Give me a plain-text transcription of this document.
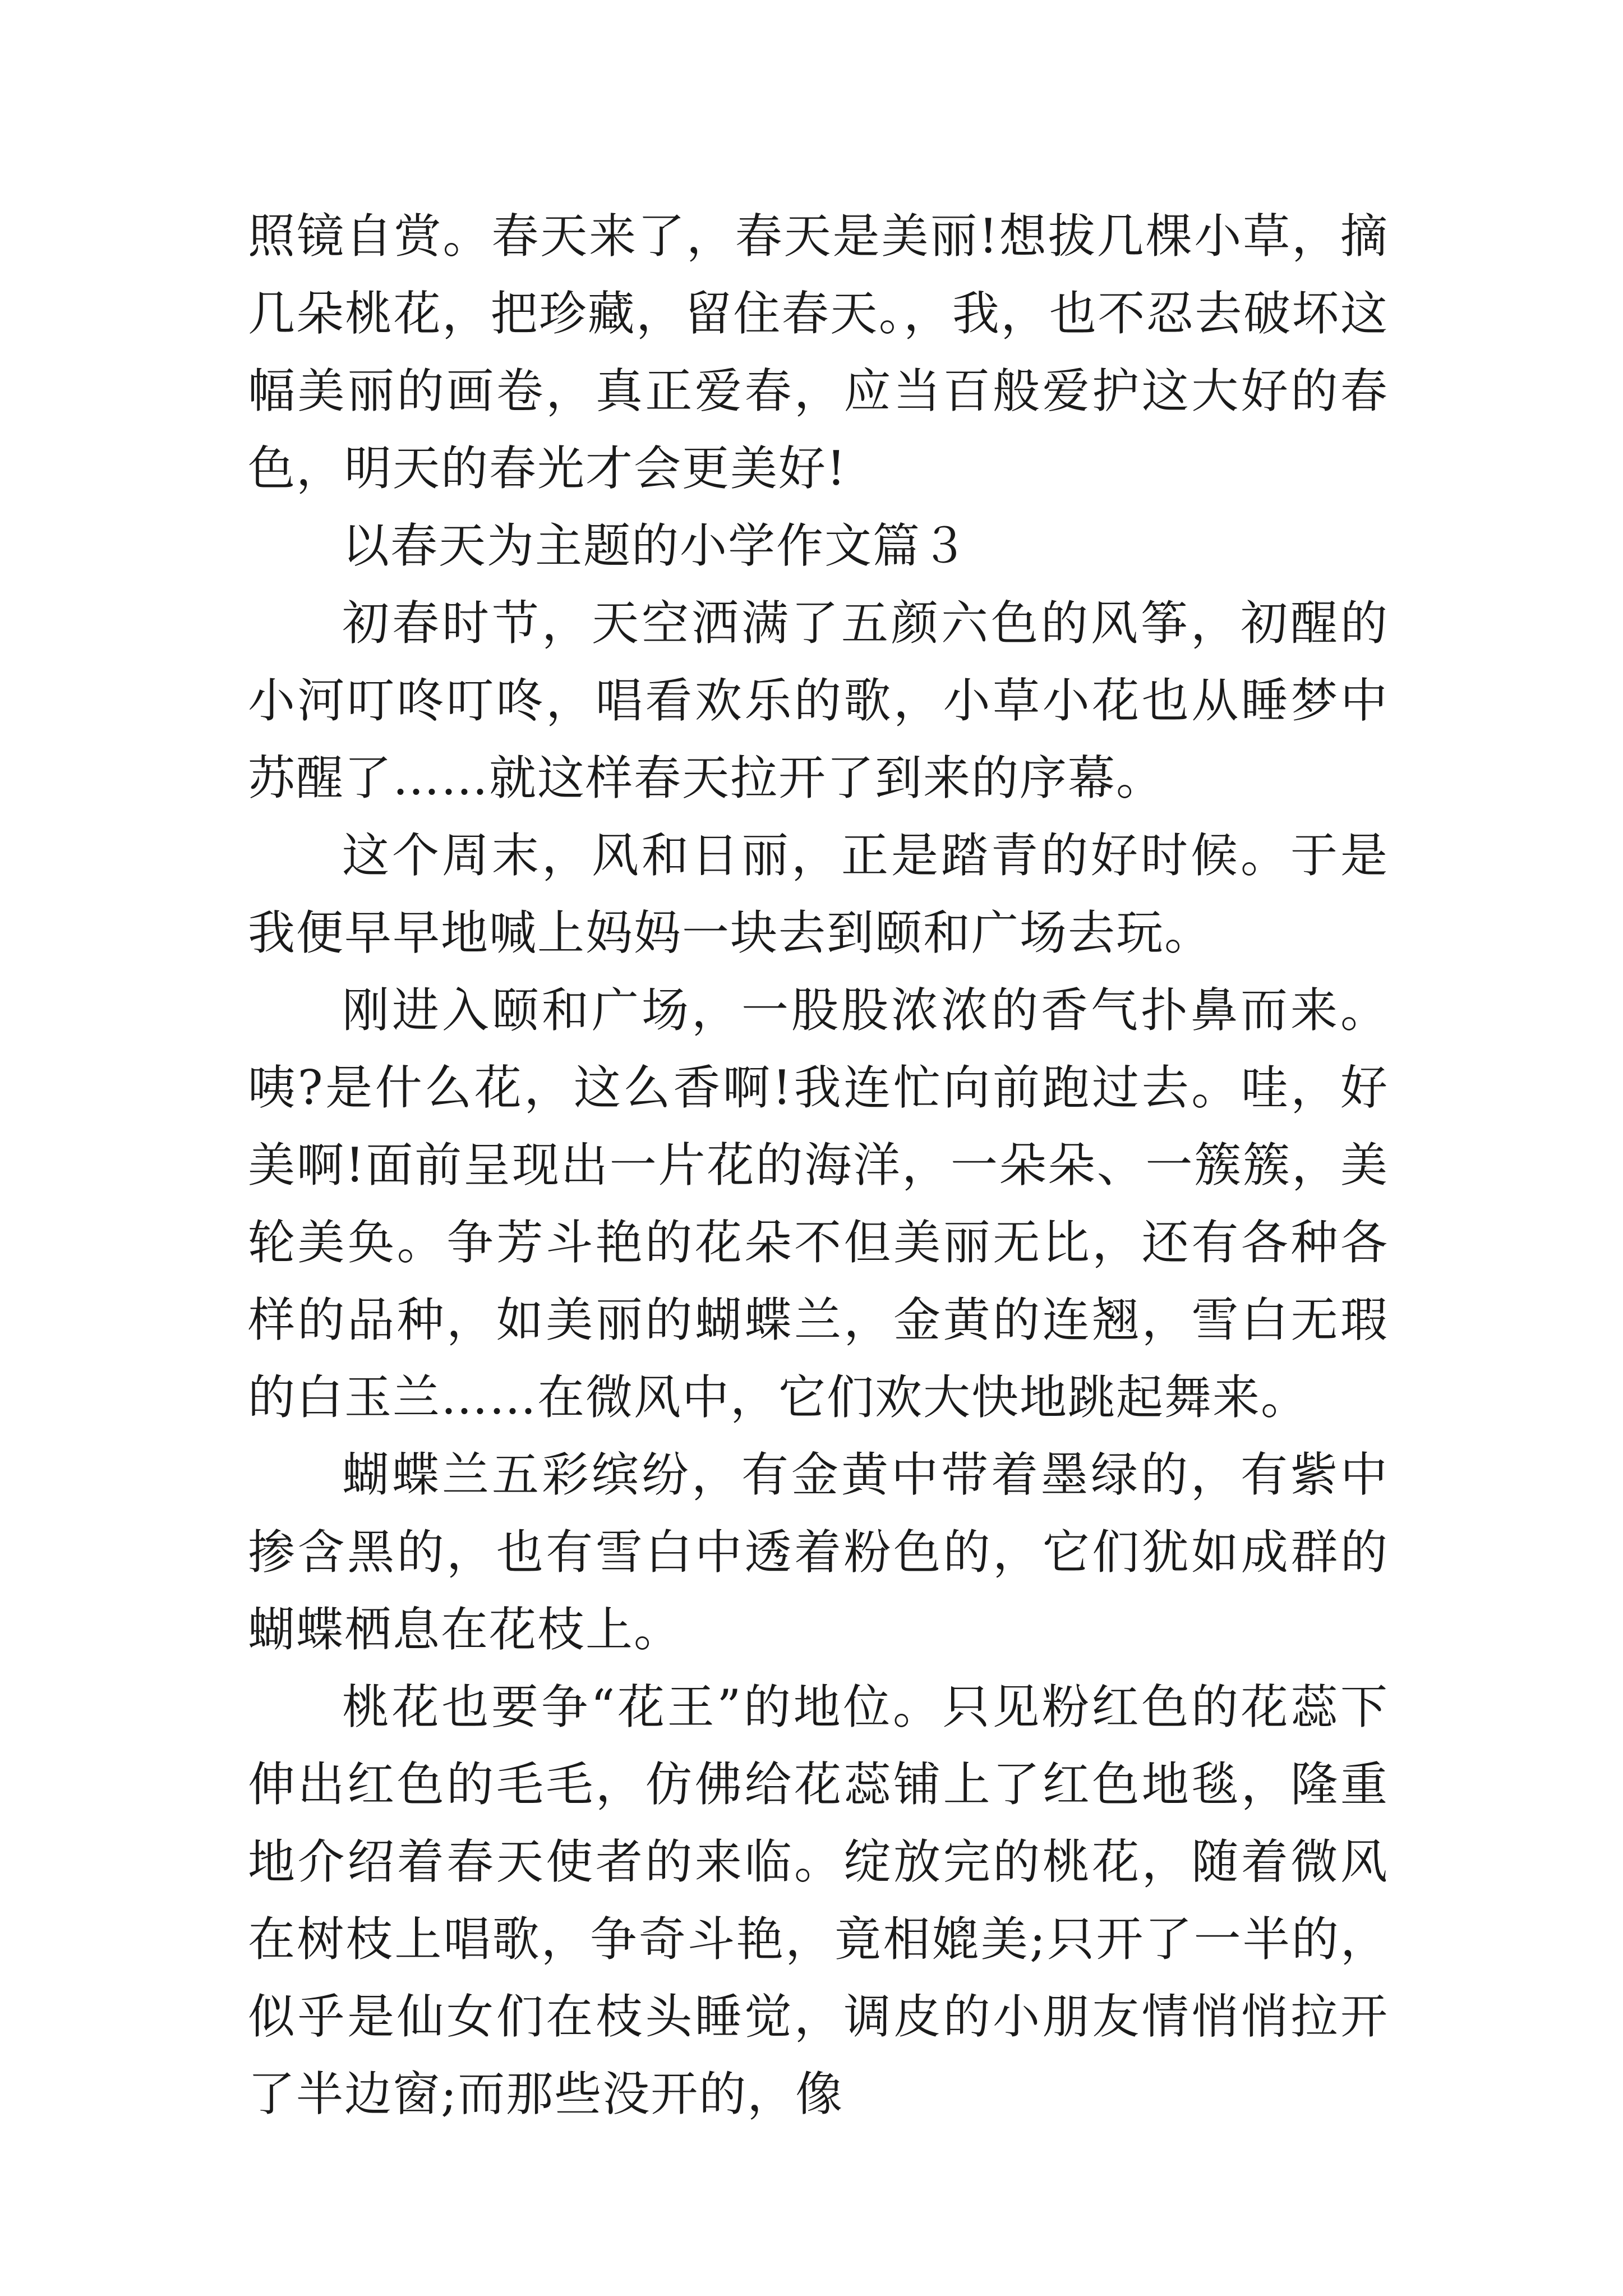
照镜自赏。春天来了，春天是美丽!想拔几棵小草，摘几朵桃花，把珍藏，留住春天。，我，也不忍去破坏这幅美丽的画卷，真正爱春，应当百般爱护这大好的春色，明天的春光才会更美好!

以春天为主题的小学作文篇３

初春时节，天空洒满了五颜六色的风筝，初醒的小河叮咚叮咚，唱看欢乐的歌，小草小花也从睡梦中苏醒了……就这样春天拉开了到来的序幕。

这个周末，风和日丽，正是踏青的好时候。于是我便早早地喊上妈妈一块去到颐和广场去玩。

刚进入颐和广场，一股股浓浓的香气扑鼻而来。咦?是什么花，这么香啊!我连忙向前跑过去。哇，好美啊!面前呈现出一片花的海洋，一朵朵、一簇簇，美轮美奂。争芳斗艳的花朵不但美丽无比，还有各种各样的品种，如美丽的蝴蝶兰，金黄的连翘，雪白无瑕的白玉兰……在微风中，它们欢大快地跳起舞来。

蝴蝶兰五彩缤纷，有金黄中带着墨绿的，有紫中掺含黑的，也有雪白中透着粉色的，它们犹如成群的蝴蝶栖息在花枝上。

桃花也要争“花王”的地位。只见粉红色的花蕊下伸出红色的毛毛，仿佛给花蕊铺上了红色地毯，隆重地介绍着春天使者的来临。绽放完的桃花，随着微风在树枝上唱歌，争奇斗艳，竟相媲美;只开了一半的，似乎是仙女们在枝头睡觉，调皮的小朋友情悄悄拉开了半边窗;而那些没开的，像
